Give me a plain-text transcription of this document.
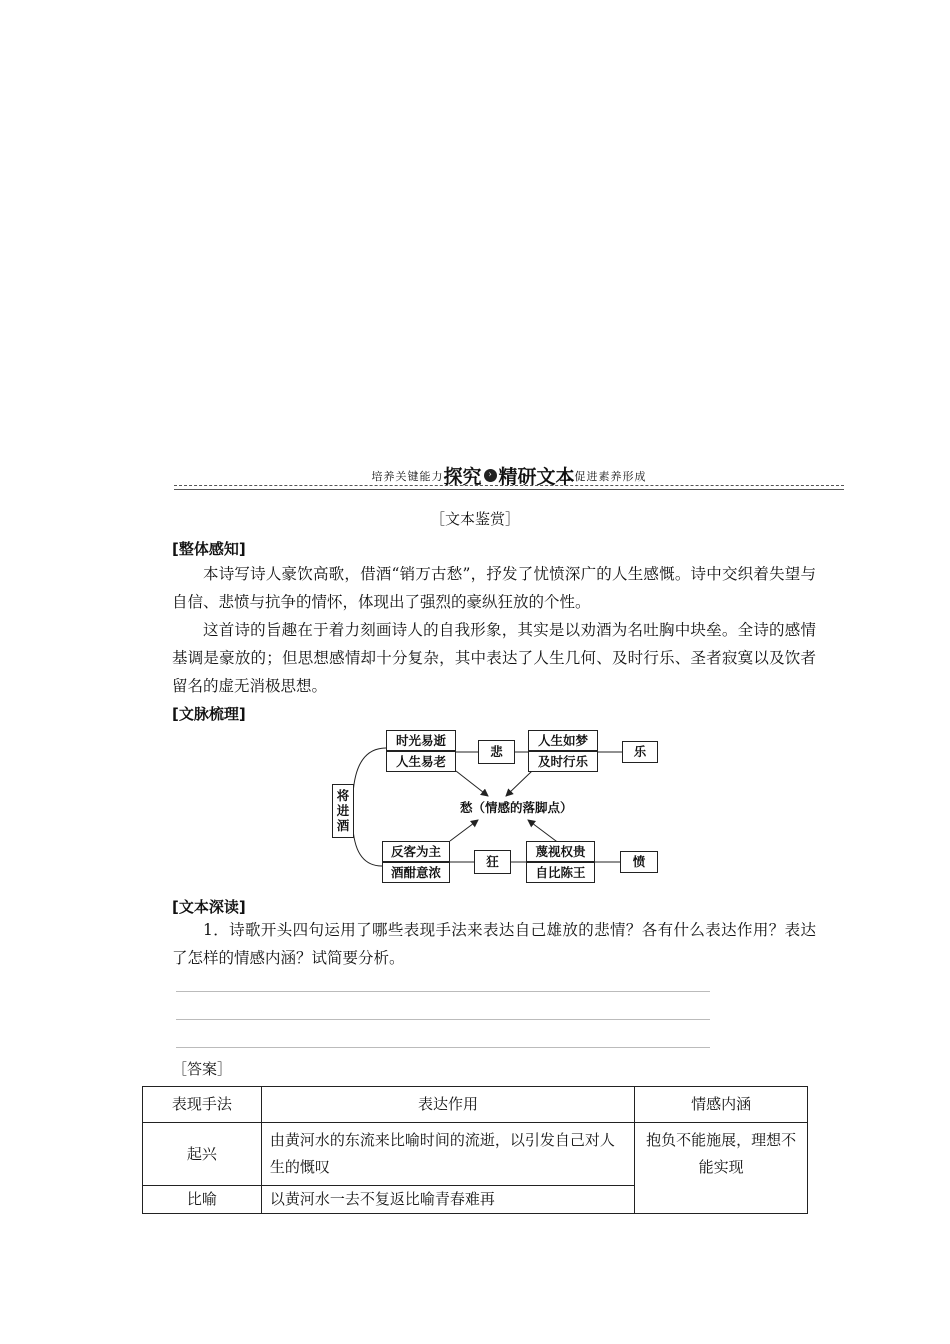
培养关键能力 探究 › 精研文本 促进素养形成
［文本鉴赏］
[整体感知]

本诗写诗人豪饮高歌，借酒“销万古愁”，抒发了忧愤深广的人生感慨。诗中交织着失望与自信、悲愤与抗争的情怀，体现出了强烈的豪纵狂放的个性。

这首诗的旨趣在于着力刻画诗人的自我形象，其实是以劝酒为名吐胸中块垒。全诗的感情基调是豪放的；但思想感情却十分复杂，其中表达了人生几何、及时行乐、圣者寂寞以及饮者留名的虚无消极思想。

[文脉梳理]
将进酒
时光易逝
人生易老
悲
人生如梦
及时行乐
乐
愁（情感的落脚点）
反客为主
酒酣意浓
狂
蔑视权贵
自比陈王
愤
[文本深读]

1．诗歌开头四句运用了哪些表现手法来表达自己雄放的悲情？各有什么表达作用？表达了怎样的情感内涵？试简要分析。

［答案］
表现手法	表达作用	情感内涵
起兴	由黄河水的东流来比喻时间的流逝，以引发自己对人生的慨叹	抱负不能施展，理想不能实现
比喻	以黄河水一去不复返比喻青春难再	
